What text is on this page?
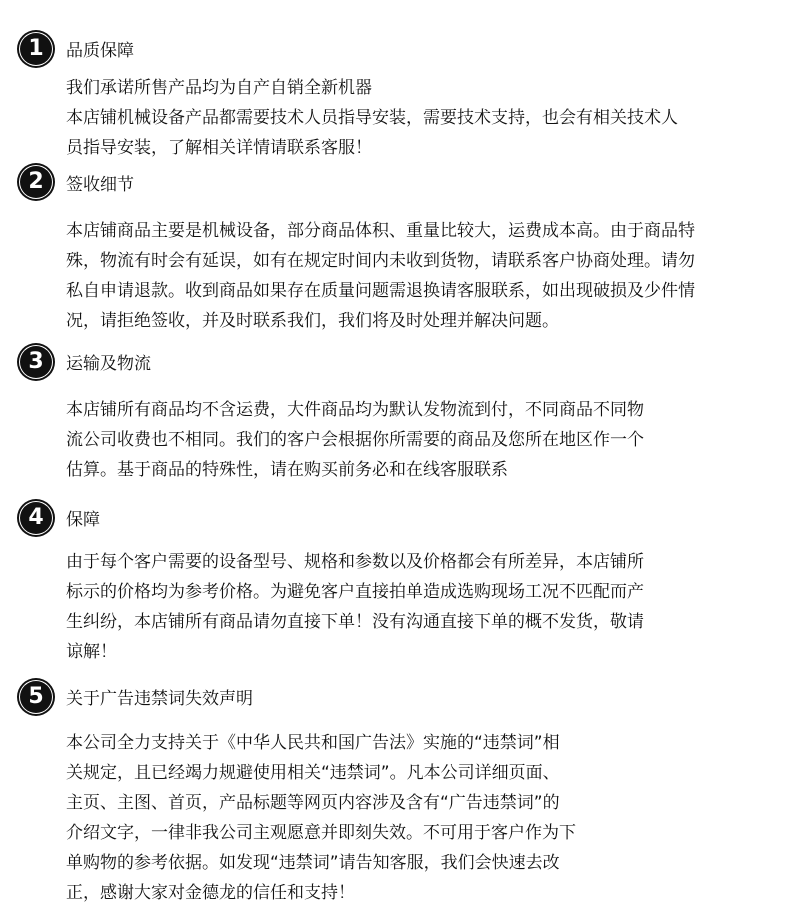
1	品质保障
我们承诺所售产品均为自产自销全新机器
本店铺机械设备产品都需要技术人员指导安装，需要技术支持，也会有相关技术人
员指导安装，了解相关详情请联系客服！
2	签收细节
本店铺商品主要是机械设备，部分商品体积、重量比较大，运费成本高。由于商品特
殊，物流有时会有延误，如有在规定时间内未收到货物，请联系客户协商处理。请勿
私自申请退款。收到商品如果存在质量问题需退换请客服联系，如出现破损及少件情
况，请拒绝签收，并及时联系我们，我们将及时处理并解决问题。
3	运输及物流
本店铺所有商品均不含运费，大件商品均为默认发物流到付，不同商品不同物
流公司收费也不相同。我们的客户会根据你所需要的商品及您所在地区作一个
估算。基于商品的特殊性，请在购买前务必和在线客服联系
4	保障
由于每个客户需要的设备型号、规格和参数以及价格都会有所差异，本店铺所
标示的价格均为参考价格。为避免客户直接拍单造成选购现场工况不匹配而产
生纠纷，本店铺所有商品请勿直接下单！没有沟通直接下单的概不发货，敬请
谅解！
5	关于广告违禁词失效声明
本公司全力支持关于《中华人民共和国广告法》实施的“违禁词”相
关规定，且已经竭力规避使用相关“违禁词”。凡本公司详细页面、
主页、主图、首页，产品标题等网页内容涉及含有“广告违禁词”的
介绍文字，一律非我公司主观愿意并即刻失效。不可用于客户作为下
单购物的参考依据。如发现“违禁词”请告知客服，我们会快速去改
正，感谢大家对金德龙的信任和支持！
